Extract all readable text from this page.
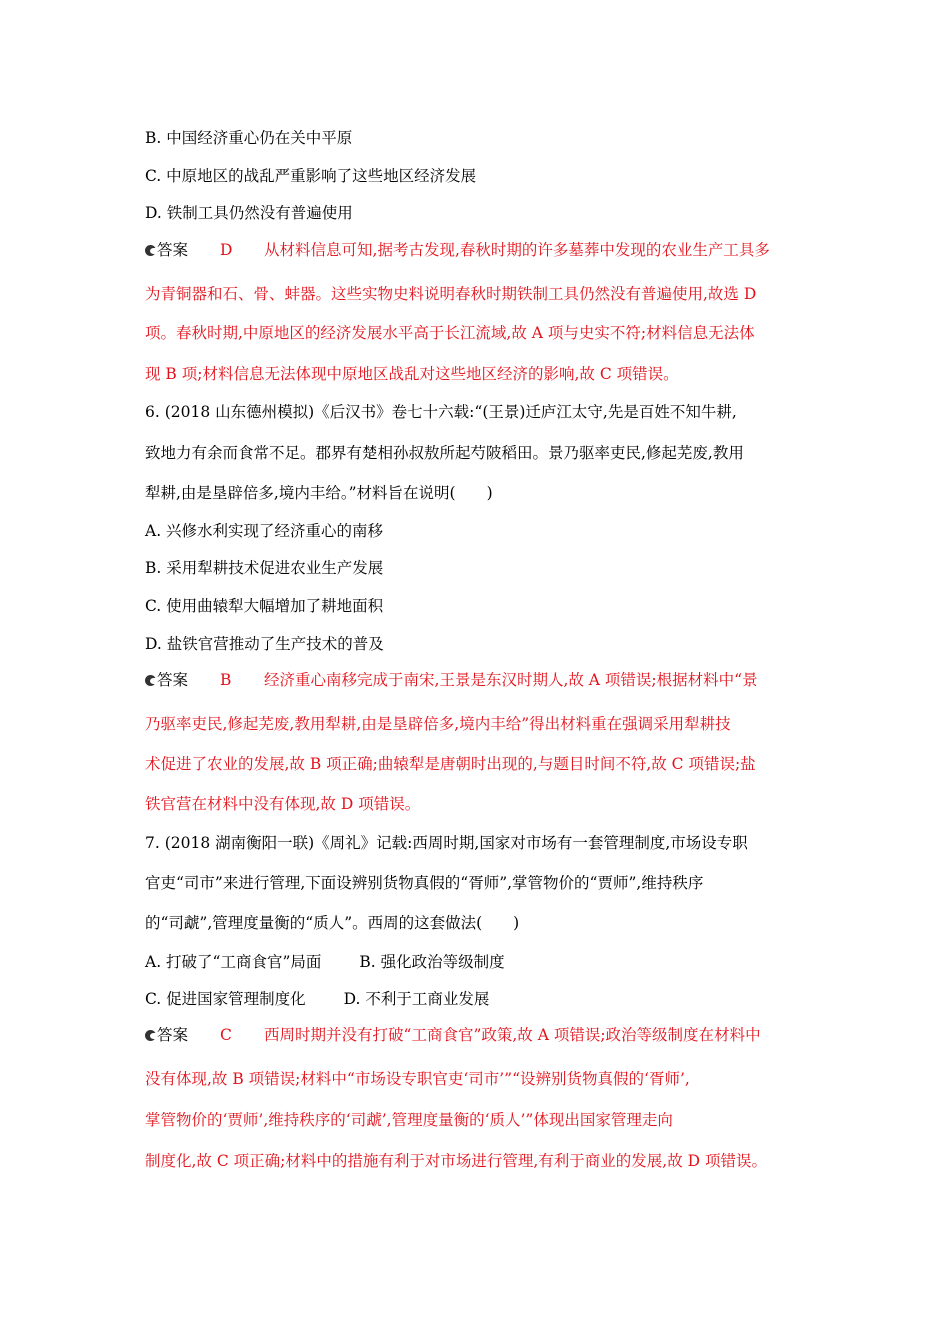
B. 中国经济重心仍在关中平原
C. 中原地区的战乱严重影响了这些地区经济发展
D. 铁制工具仍然没有普遍使用
答案 D 从材料信息可知,据考古发现,春秋时期的许多墓葬中发现的农业生产工具多
为青铜器和石、骨、蚌器。这些实物史料说明春秋时期铁制工具仍然没有普遍使用,故选 D
项。春秋时期,中原地区的经济发展水平高于长江流域,故 A 项与史实不符;材料信息无法体
现 B 项;材料信息无法体现中原地区战乱对这些地区经济的影响,故 C 项错误。
6. (2018 山东德州模拟)《后汉书》卷七十六载:“(王景)迁庐江太守,先是百姓不知牛耕,
致地力有余而食常不足。郡界有楚相孙叔敖所起芍陂稻田。景乃驱率吏民,修起芜废,教用
犁耕,由是垦辟倍多,境内丰给。”材料旨在说明(　　)
A. 兴修水利实现了经济重心的南移
B. 采用犁耕技术促进农业生产发展
C. 使用曲辕犁大幅增加了耕地面积
D. 盐铁官营推动了生产技术的普及
答案 B 经济重心南移完成于南宋,王景是东汉时期人,故 A 项错误;根据材料中“景
乃驱率吏民,修起芜废,教用犁耕,由是垦辟倍多,境内丰给”得出材料重在强调采用犁耕技
术促进了农业的发展,故 B 项正确;曲辕犁是唐朝时出现的,与题目时间不符,故 C 项错误;盐
铁官营在材料中没有体现,故 D 项错误。
7. (2018 湖南衡阳一联)《周礼》记载:西周时期,国家对市场有一套管理制度,市场设专职
官吏“司市”来进行管理,下面设辨别货物真假的“胥师”,掌管物价的“贾师”,维持秩序
的“司虣”,管理度量衡的“质人”。西周的这套做法(　　)
A. 打破了“工商食官”局面 B. 强化政治等级制度
C. 促进国家管理制度化 D. 不利于工商业发展
答案 C 西周时期并没有打破“工商食官”政策,故 A 项错误;政治等级制度在材料中
没有体现,故 B 项错误;材料中“市场设专职官吏‘司市’”“设辨别货物真假的‘胥师’,
掌管物价的‘贾师’,维持秩序的‘司虣’,管理度量衡的‘质人’”体现出国家管理走向
制度化,故 C 项正确;材料中的措施有利于对市场进行管理,有利于商业的发展,故 D 项错误。
